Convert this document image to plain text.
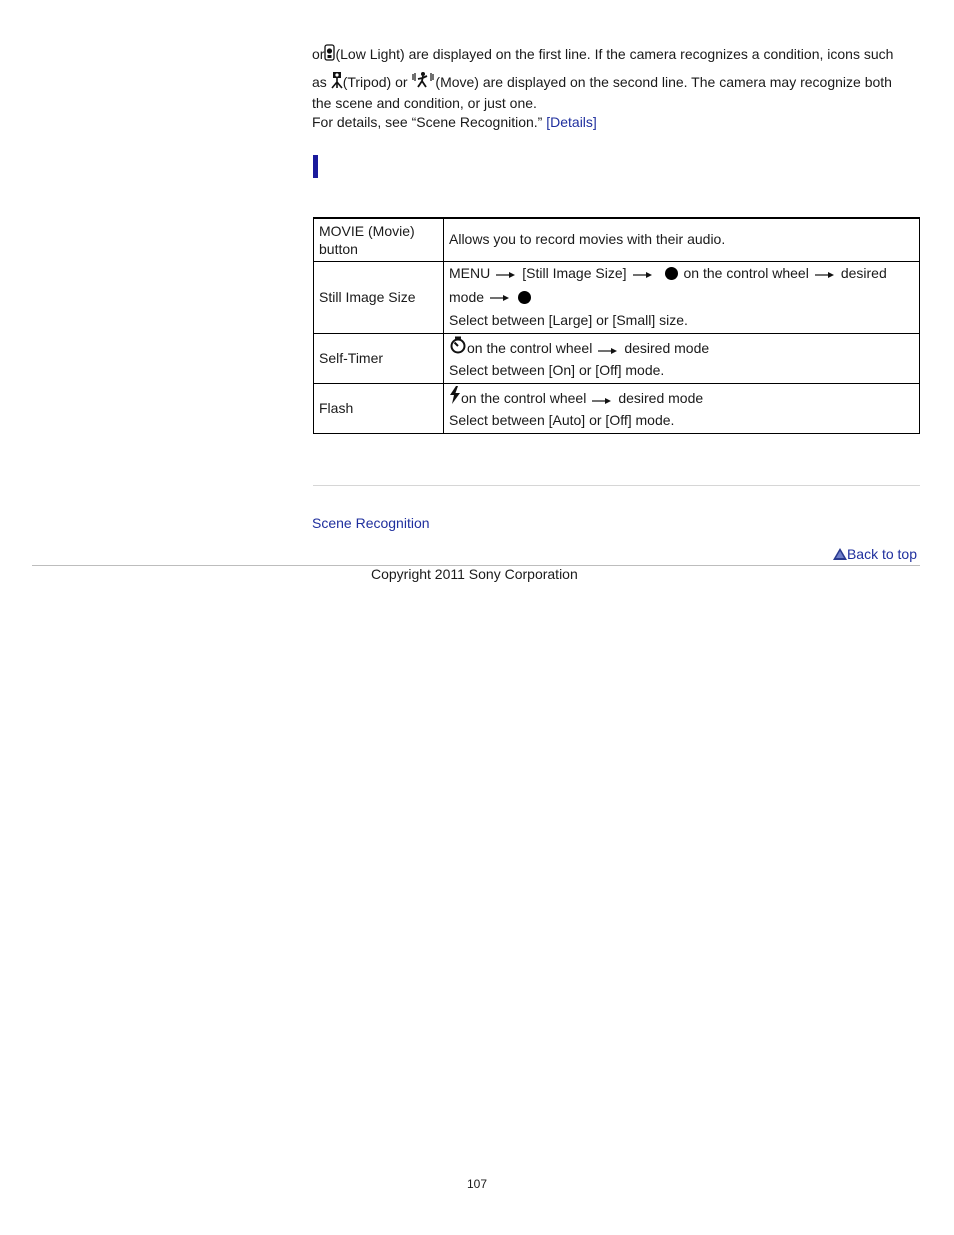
or (Low Light) are displayed on the first line. If the camera recognizes a condition, icons such
as (Tripod) or (Move) are displayed on the second line. The camera may recognize both
the scene and condition, or just one.
For details, see “Scene Recognition.” [Details]

MOVIE (Movie) button	Allows you to record movies with their audio.
Still Image Size	MENU [Still Image Size] on the control wheel desired
mode
Select between [Large] or [Small] size.

Self-Timer	on the control wheel desired mode
Select between [On] or [Off] mode.

Flash	on the control wheel desired mode
Select between [Auto] or [Off] mode.
Scene Recognition
Back to top
Copyright 2011 Sony Corporation
107
